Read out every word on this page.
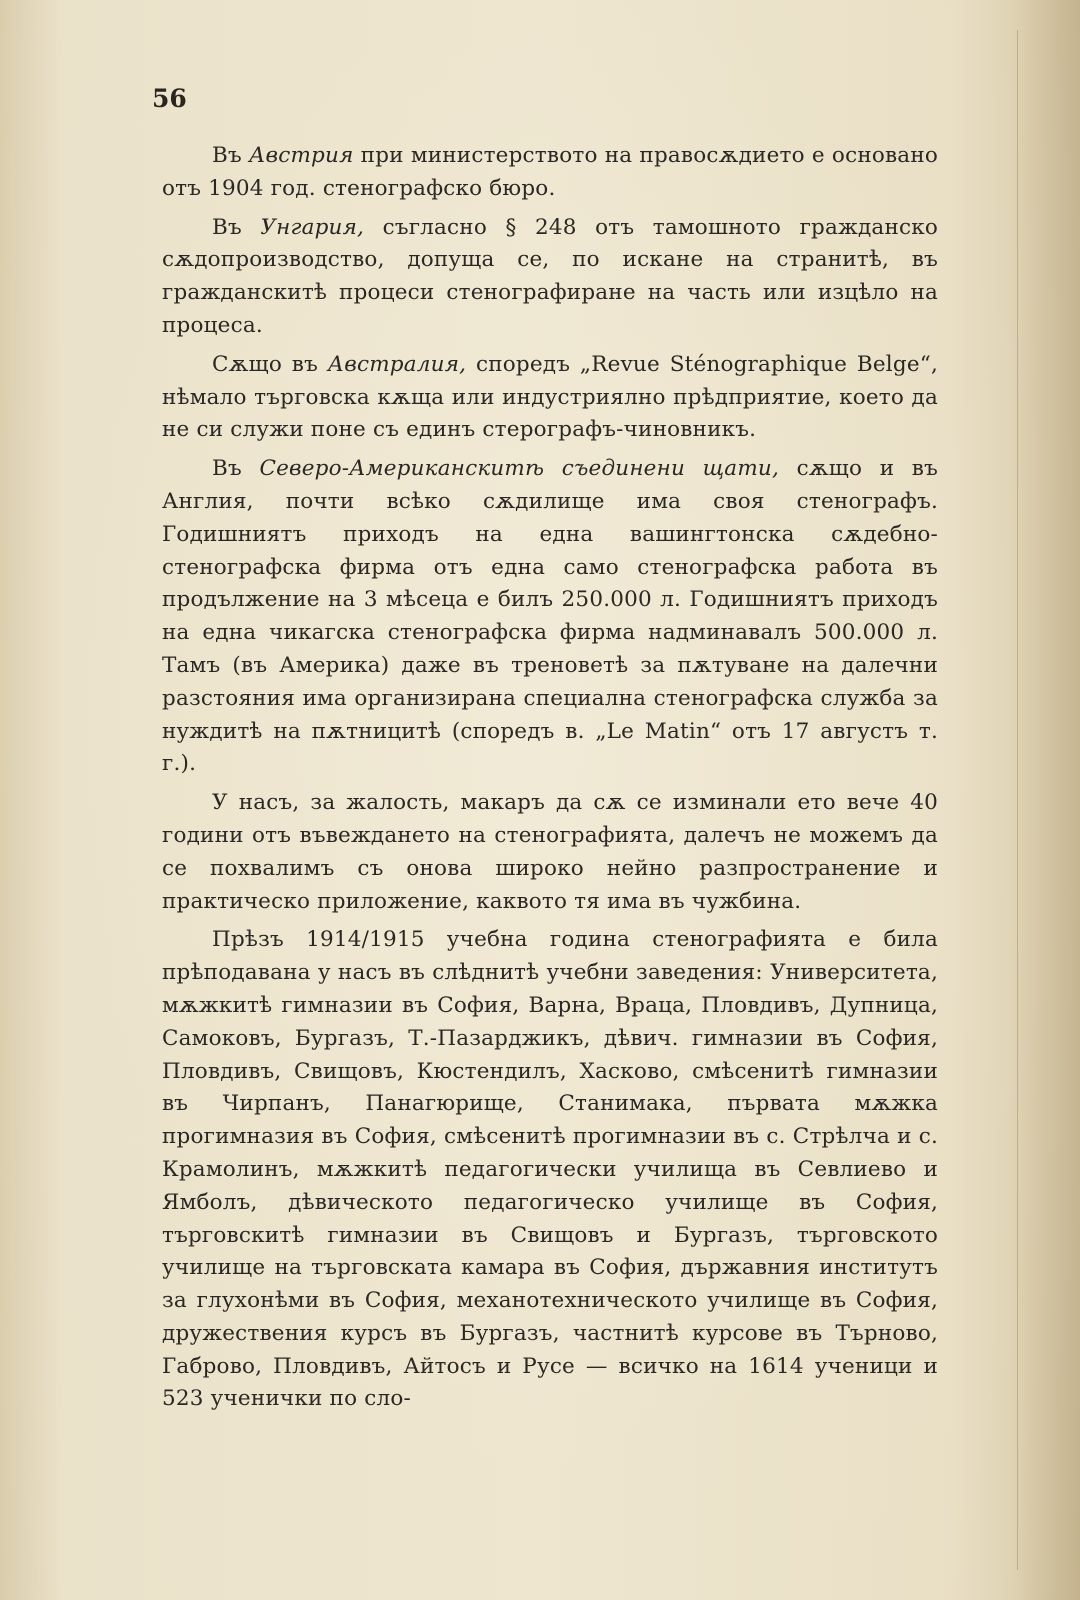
56

Въ Австрия при министерството на правосѫдието е основано отъ 1904 год. стенографско бюро.

Въ Унгария, съгласно § 248 отъ тамошното гражданско сѫдопроизводство, допуща се, по искане на странитѣ, въ гражданскитѣ процеси стенографиране на часть или изцѣло на процеса.

Сѫщо въ Австралия, споредъ „Revue Sténographique Belge“, нѣмало търговска кѫща или индустриялно прѣдприятие, което да не си служи поне съ единъ стерографъ-чиновникъ.

Въ Северо-Американскитѣ съединени щати, сѫщо и въ Англия, почти всѣко сѫдилище има своя стенографъ. Годишниятъ приходъ на една вашингтонска сѫдебно-стенографска фирма отъ една само стенографска работа въ продължение на 3 мѣсеца е билъ 250.000 л. Годишниятъ приходъ на една чикагска стенографска фирма надминавалъ 500.000 л. Тамъ (въ Америка) даже въ треноветѣ за пѫтуване на далечни разстояния има организирана специална стенографска служба за нуждитѣ на пѫтницитѣ (споредъ в. „Le Matin“ отъ 17 августъ т. г.).

У насъ, за жалость, макаръ да сѫ се изминали ето вече 40 години отъ въвеждането на стенографията, далечъ не можемъ да се похвалимъ съ онова широко нейно разпространение и практическо приложение, каквото тя има въ чужбина.

Прѣзъ 1914/1915 учебна година стенографията е била прѣподавана у насъ въ слѣднитѣ учебни заведения: Университета, мѫжкитѣ гимназии въ София, Варна, Враца, Пловдивъ, Дупница, Самоковъ, Бургазъ, Т.-Пазарджикъ, дѣвич. гимназии въ София, Пловдивъ, Свищовъ, Кюстендилъ, Хасково, смѣсенитѣ гимназии въ Чирпанъ, Панагюрище, Станимака, първата мѫжка прогимназия въ София, смѣсенитѣ прогимназии въ с. Стрѣлча и с. Крамолинъ, мѫжкитѣ педагогически училища въ Севлиево и Ямболъ, дѣвическото педагогическо училище въ София, търговскитѣ гимназии въ Свищовъ и Бургазъ, търговското училище на търговската камара въ София, държавния институтъ за глухонѣми въ София, механотехническото училище въ София, дружествения курсъ въ Бургазъ, частнитѣ курсове въ Търново, Габрово, Пловдивъ, Айтосъ и Русе — всичко на 1614 ученици и 523 ученички по сло-
